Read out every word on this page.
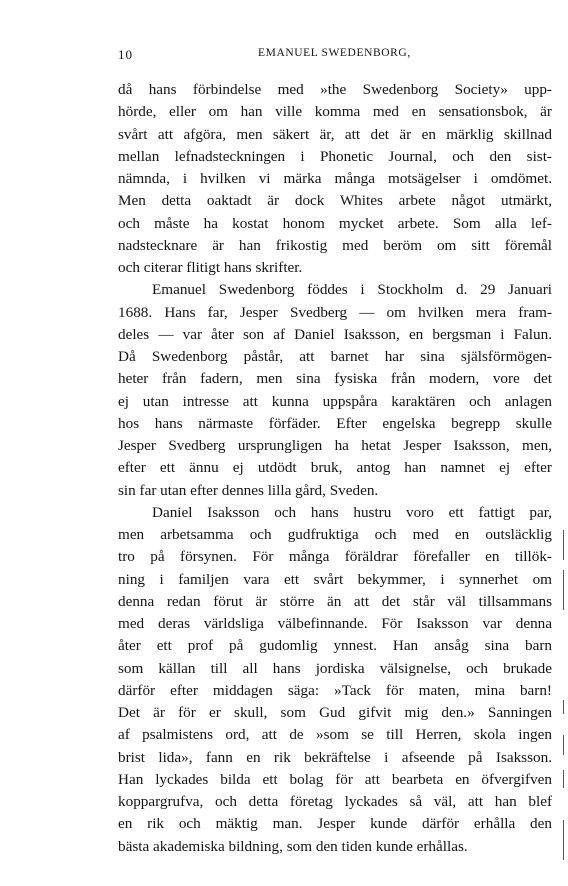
10	EMANUEL SWEDENBORG,
då hans förbindelse med »the Swedenborg Society» upp-
hörde, eller om han ville komma med en sensationsbok, är
svårt att afgöra, men säkert är, att det är en märklig skillnad
mellan lefnadsteckningen i Phonetic Journal, och den sist-
nämnda, i hvilken vi märka många motsägelser i omdömet.
Men detta oaktadt är dock Whites arbete något utmärkt,
och måste ha kostat honom mycket arbete. Som alla lef-
nadstecknare är han frikostig med beröm om sitt föremål
och citerar flitigt hans skrifter.
Emanuel Swedenborg föddes i Stockholm d. 29 Januari
1688. Hans far, Jesper Svedberg — om hvilken mera fram-
deles — var åter son af Daniel Isaksson, en bergsman i Falun.
Då Swedenborg påstår, att barnet har sina själsförmögen-
heter från fadern, men sina fysiska från modern, vore det
ej utan intresse att kunna uppspåra karaktären och anlagen
hos hans närmaste förfäder. Efter engelska begrepp skulle
Jesper Svedberg ursprungligen ha hetat Jesper Isaksson, men,
efter ett ännu ej utdödt bruk, antog han namnet ej efter
sin far utan efter dennes lilla gård, Sveden.
Daniel Isaksson och hans hustru voro ett fattigt par,
men arbetsamma och gudfruktiga och med en outsläcklig
tro på försynen. För många föräldrar förefaller en tillök-
ning i familjen vara ett svårt bekymmer, i synnerhet om
denna redan förut är större än att det står väl tillsammans
med deras världsliga välbefinnande. För Isaksson var denna
åter ett prof på gudomlig ynnest. Han ansåg sina barn
som källan till all hans jordiska välsignelse, och brukade
därför efter middagen säga: »Tack för maten, mina barn!
Det är för er skull, som Gud gifvit mig den.» Sanningen
af psalmistens ord, att de »som se till Herren, skola ingen
brist lida», fann en rik bekräftelse i afseende på Isaksson.
Han lyckades bilda ett bolag för att bearbeta en öfvergifven
koppargrufva, och detta företag lyckades så väl, att han blef
en rik och mäktig man. Jesper kunde därför erhålla den
bästa akademiska bildning, som den tiden kunde erhållas.
